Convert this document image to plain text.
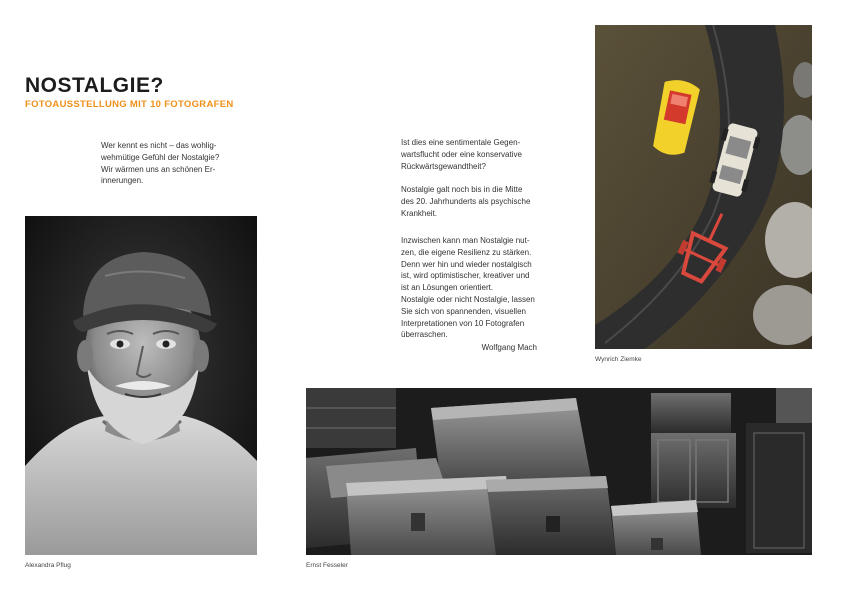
NOSTALGIE?
FOTOAUSSTELLUNG MIT 10 FOTOGRAFEN

Wer kennt es nicht – das wohlig-
wehmütige Gefühl der Nostalgie?
Wir wärmen uns an schönen Er-
innerungen.

Ist dies eine sentimentale Gegen-
wartsflucht oder eine konservative
Rückwärtsgewandtheit?

Nostalgie galt noch bis in die Mitte
des 20. Jahrhunderts als psychische
Krankheit.

Inzwischen kann man Nostalgie nut-
zen, die eigene Resilienz zu stärken.
Denn wer hin und wieder nostalgisch
ist, wird optimistischer, kreativer und
ist an Lösungen orientiert.
Nostalgie oder nicht Nostalgie, lassen
Sie sich von spannenden, visuellen
Interpretationen von 10 Fotografen
überraschen.

Wolfgang Mach
Alexandra Pflug
Wynrich Ziemke
Ernst Fesseler
